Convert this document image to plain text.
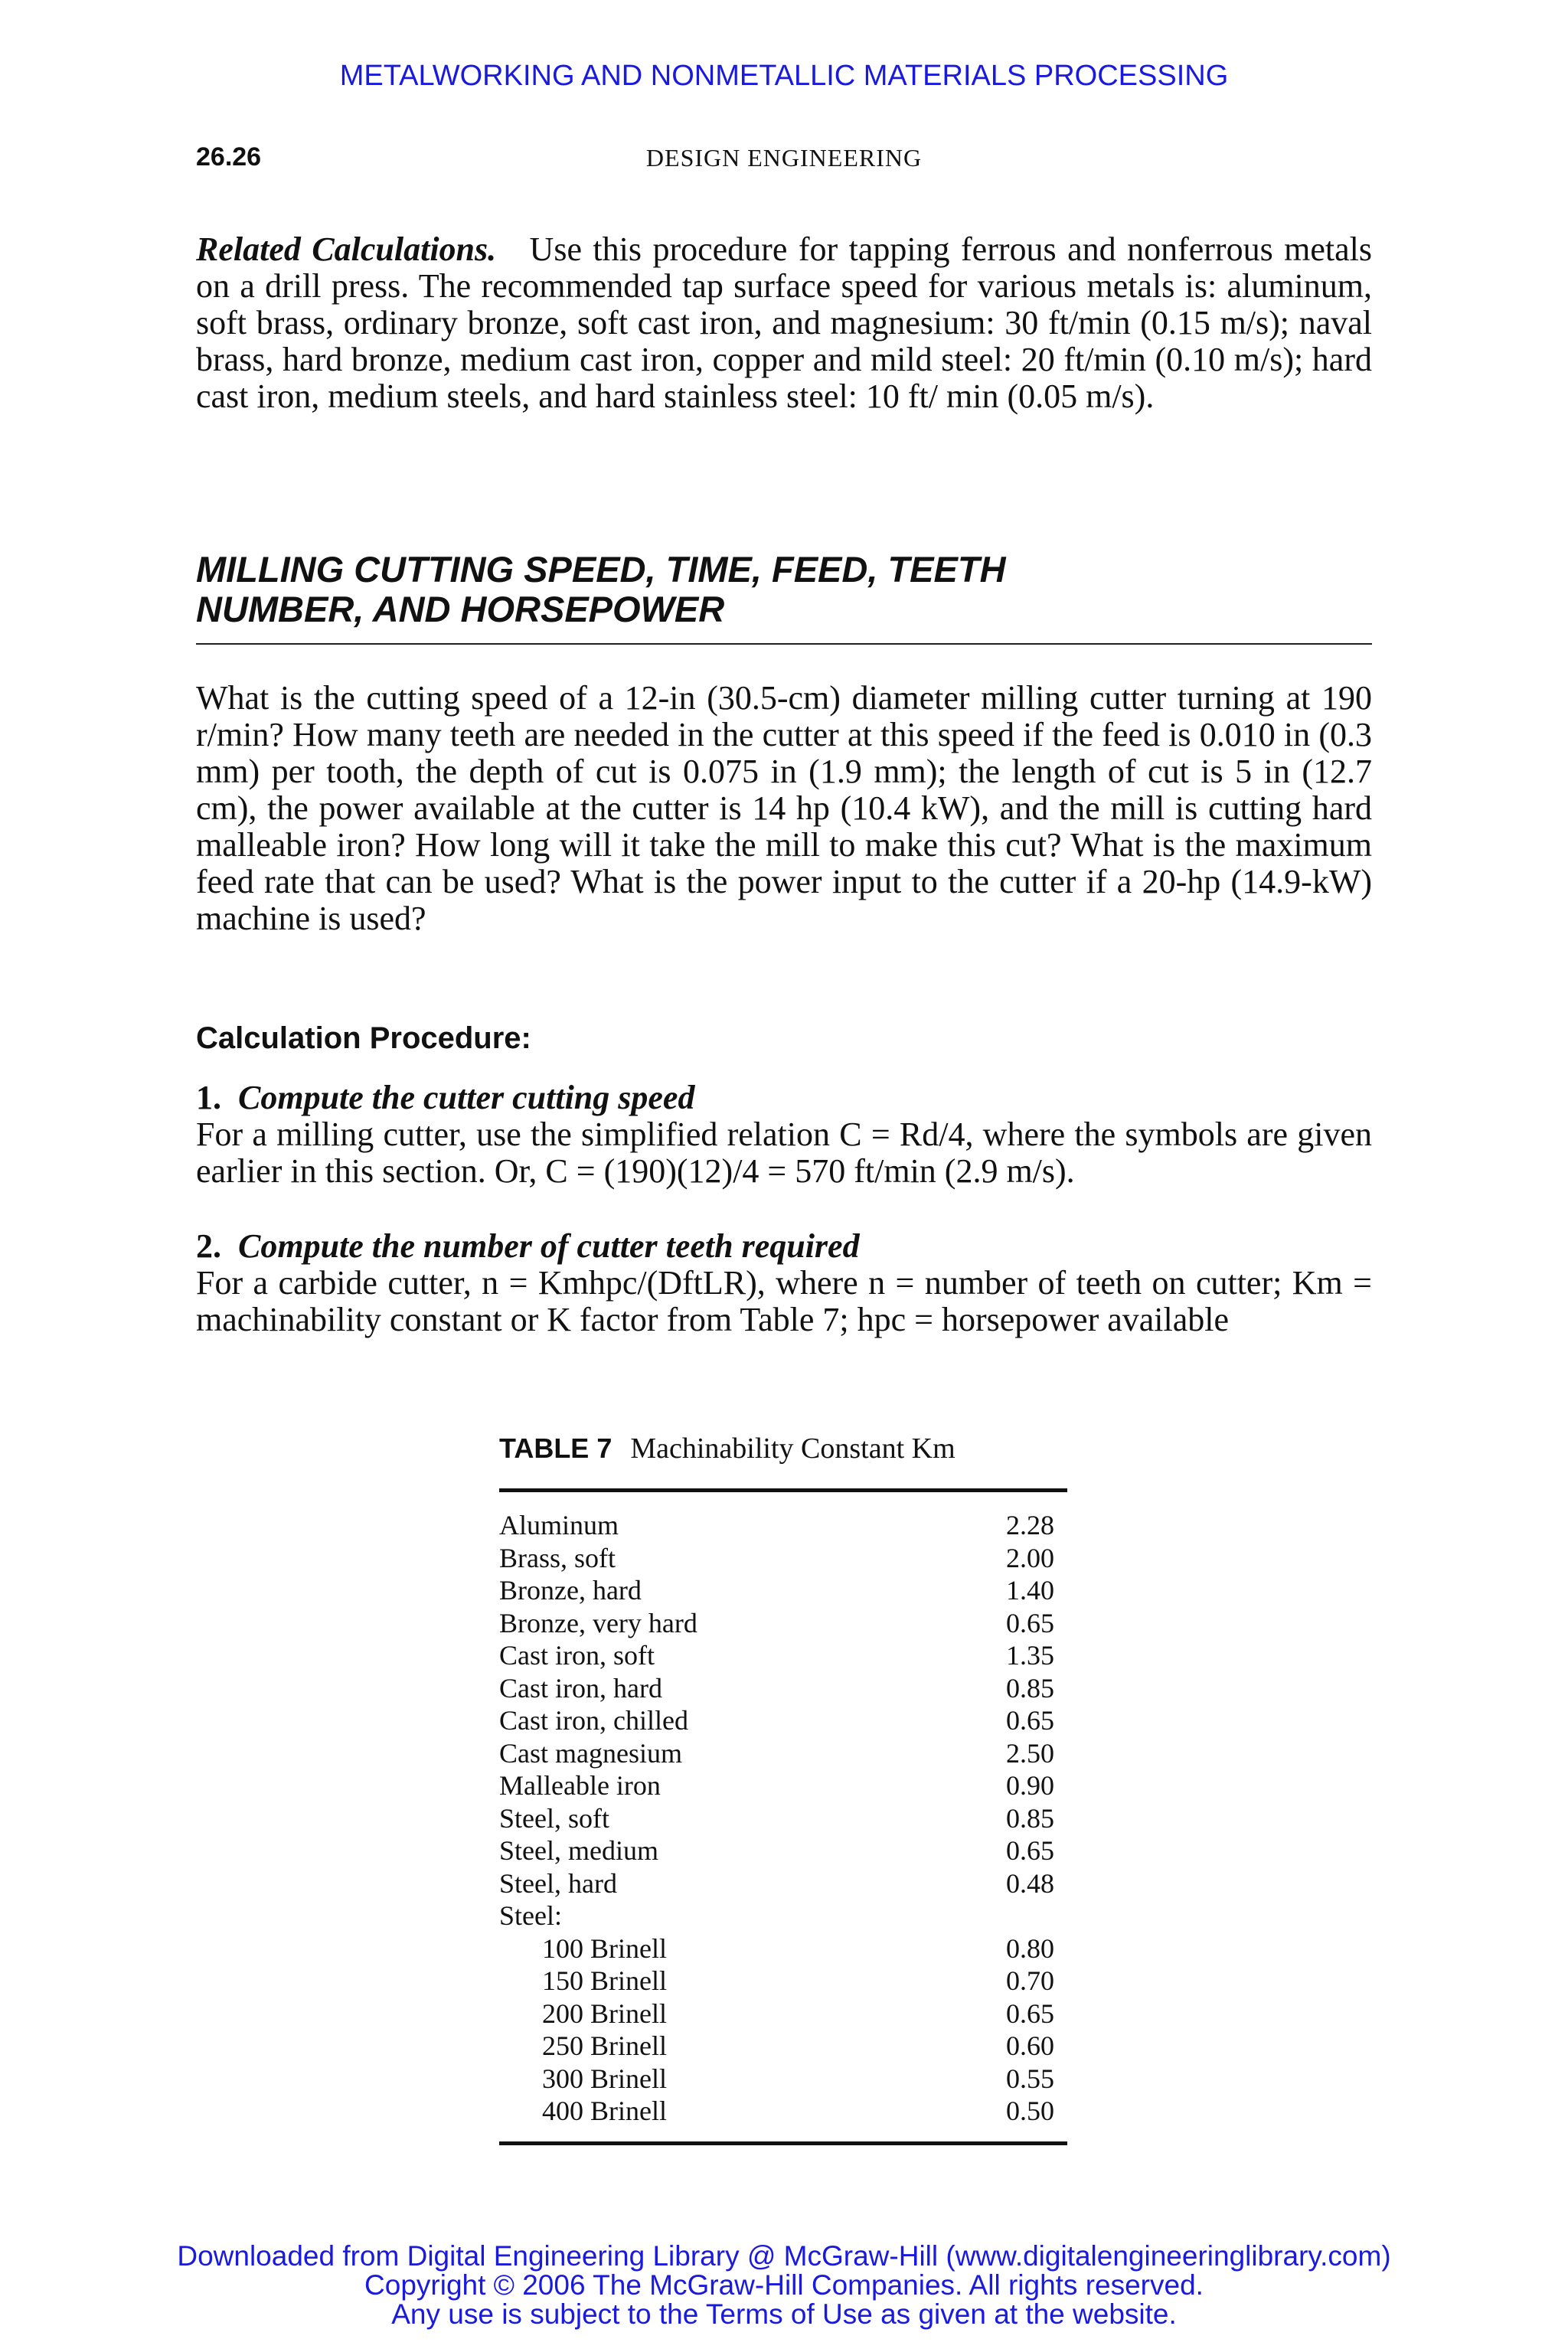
METALWORKING AND NONMETALLIC MATERIALS PROCESSING
26.26	DESIGN ENGINEERING

Related Calculations. Use this procedure for tapping ferrous and nonferrous metals on a drill press. The recommended tap surface speed for various metals is: aluminum, soft brass, ordinary bronze, soft cast iron, and magnesium: 30 ft/min (0.15 m/s); naval brass, hard bronze, medium cast iron, copper and mild steel: 20 ft/min (0.10 m/s); hard cast iron, medium steels, and hard stainless steel: 10 ft/ min (0.05 m/s).

MILLING CUTTING SPEED, TIME, FEED, TEETH

NUMBER, AND HORSEPOWER

What is the cutting speed of a 12-in (30.5-cm) diameter milling cutter turning at 190 r/min? How many teeth are needed in the cutter at this speed if the feed is 0.010 in (0.3 mm) per tooth, the depth of cut is 0.075 in (1.9 mm); the length of cut is 5 in (12.7 cm), the power available at the cutter is 14 hp (10.4 kW), and the mill is cutting hard malleable iron? How long will it take the mill to make this cut? What is the maximum feed rate that can be used? What is the power input to the cutter if a 20-hp (14.9-kW) machine is used?

Calculation Procedure:

1. Compute the cutter cutting speed

For a milling cutter, use the simplified relation C = Rd/4, where the symbols are given earlier in this section. Or, C = (190)(12)/4 = 570 ft/min (2.9 m/s).

2. Compute the number of cutter teeth required

For a carbide cutter, n = Kmhpc/(DftLR), where n = number of teeth on cutter; Km = machinability constant or K factor from Table 7; hpc = horsepower available

TABLE 7 Machinability Constant Km

Aluminum	2.28
Brass, soft	2.00
Bronze, hard	1.40
Bronze, very hard	0.65
Cast iron, soft	1.35
Cast iron, hard	0.85
Cast iron, chilled	0.65
Cast magnesium	2.50
Malleable iron	0.90
Steel, soft	0.85
Steel, medium	0.65
Steel, hard	0.48
Steel:
100 Brinell	0.80
150 Brinell	0.70
200 Brinell	0.65
250 Brinell	0.60
300 Brinell	0.55
400 Brinell	0.50
Downloaded from Digital Engineering Library @ McGraw-Hill (www.digitalengineeringlibrary.com)
Copyright © 2006 The McGraw-Hill Companies. All rights reserved.
Any use is subject to the Terms of Use as given at the website.
